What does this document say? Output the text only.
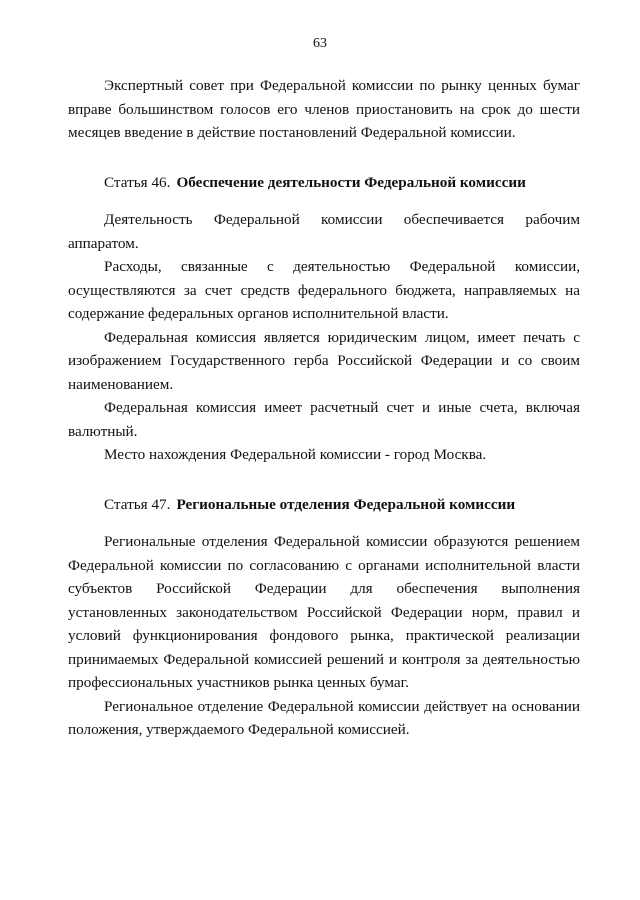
63

Экспертный совет при Федеральной комиссии по рынку ценных бумаг вправе большинством голосов его членов приостановить на срок до шести месяцев введение в действие постановлений Федеральной комиссии.

Статья 46. Обеспечение деятельности Федеральной комиссии

Деятельность Федеральной комиссии обеспечивается рабочим аппаратом.

Расходы, связанные с деятельностью Федеральной комиссии, осуществляются за счет средств федерального бюджета, направляемых на содержание федеральных органов исполнительной власти.

Федеральная комиссия является юридическим лицом, имеет печать с изображением Государственного герба Российской Федерации и со своим наименованием.

Федеральная комиссия имеет расчетный счет и иные счета, включая валютный.

Место нахождения Федеральной комиссии - город Москва.

Статья 47. Региональные отделения Федеральной комиссии

Региональные отделения Федеральной комиссии образуются решением Федеральной комиссии по согласованию с органами исполнительной власти субъектов Российской Федерации для обеспечения выполнения установленных законодательством Российской Федерации норм, правил и условий функционирования фондового рынка, практической реализации принимаемых Федеральной комиссией решений и контроля за деятельностью профессиональных участников рынка ценных бумаг.

Региональное отделение Федеральной комиссии действует на основании положения, утверждаемого Федеральной комиссией.
